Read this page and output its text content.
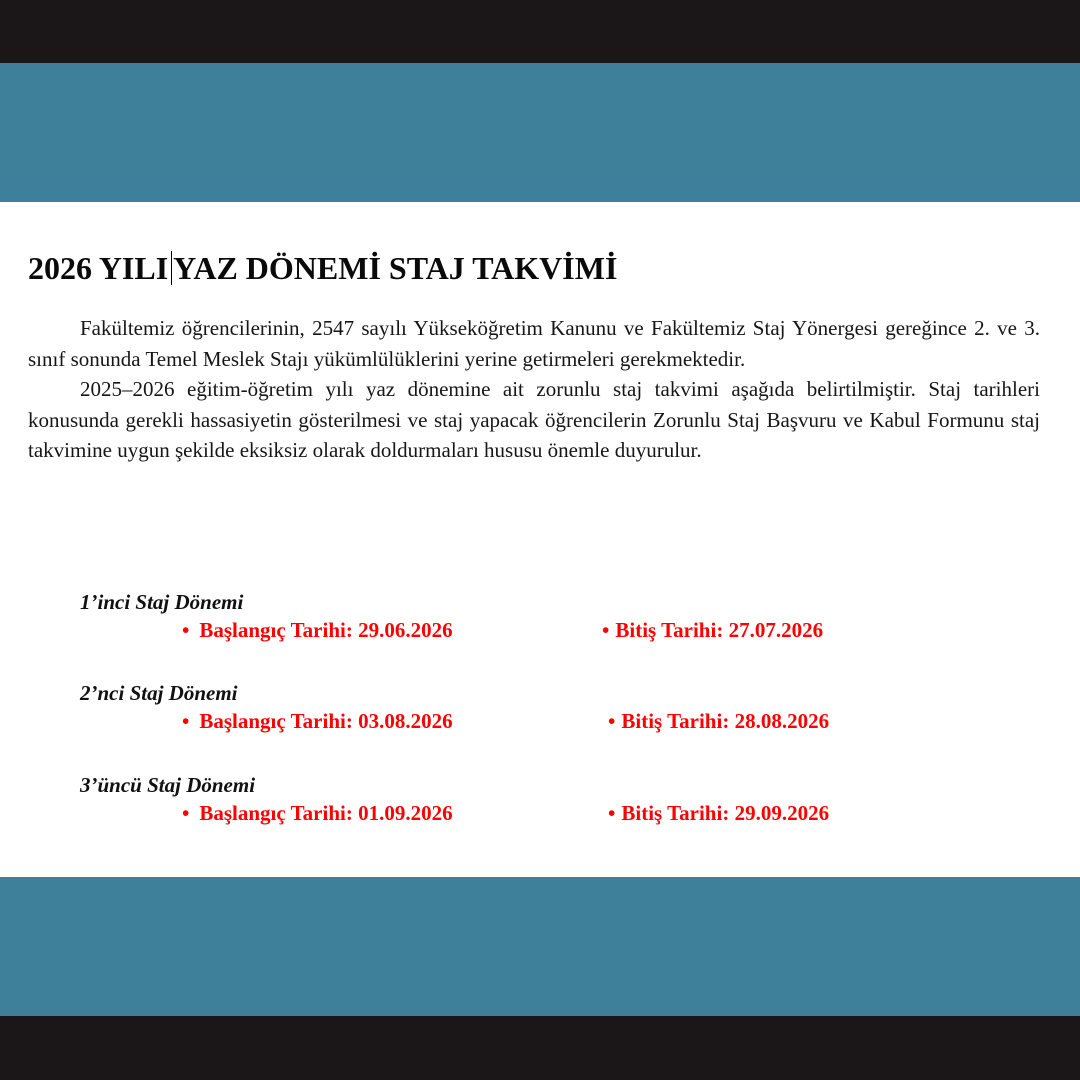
2026 YILI YAZ DÖNEMİ STAJ TAKVİMİ

Fakültemiz öğrencilerinin, 2547 sayılı Yükseköğretim Kanunu ve Fakültemiz Staj Yönergesi gereğince 2. ve 3. sınıf sonunda Temel Meslek Stajı yükümlülüklerini yerine getirmeleri gerekmektedir.

2025–2026 eğitim-öğretim yılı yaz dönemine ait zorunlu staj takvimi aşağıda belirtilmiştir. Staj tarihleri konusunda gerekli hassasiyetin gösterilmesi ve staj yapacak öğrencilerin Zorunlu Staj Başvuru ve Kabul Formunu staj takvimine uygun şekilde eksiksiz olarak doldurmaları hususu önemle duyurulur.

1’inci Staj Dönemi
• Başlangıç Tarihi: 29.06.2026	• Bitiş Tarihi: 27.07.2026
2’nci Staj Dönemi
• Başlangıç Tarihi: 03.08.2026	• Bitiş Tarihi: 28.08.2026
3’üncü Staj Dönemi
• Başlangıç Tarihi: 01.09.2026	• Bitiş Tarihi: 29.09.2026
